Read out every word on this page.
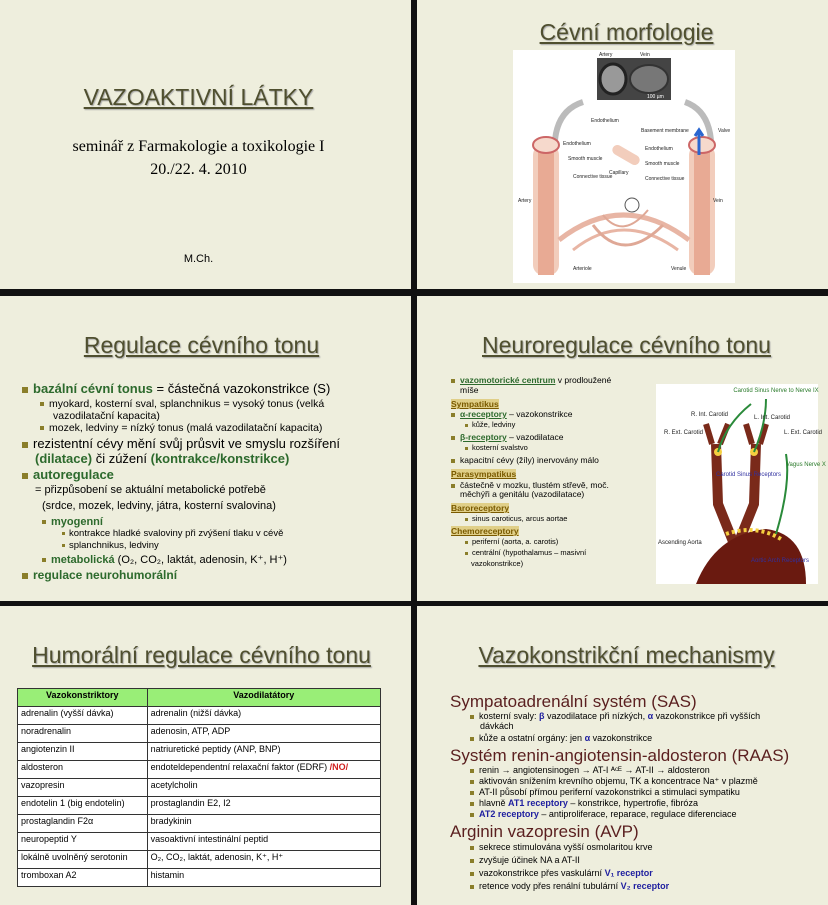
VAZOAKTIVNÍ LÁTKY
seminář z Farmakologie a toxikologie I
20./22. 4. 2010
M.Ch.
Cévní morfologie
Artery	Vein
100 µm
Endothelium
Basement membrane	Valve
Endothelium
Smooth muscle
Connective tissue
Capillary
Endothelium
Smooth muscle
Connective tissue
Artery	Vein
Arteriole	Venule
Regulace cévního tonu
bazální cévní tonus = částečná vazokonstrikce (S)
myokard, kosterní sval, splanchnikus = vysoký tonus (velká
vazodilatační kapacita)
mozek, ledviny = nízký tonus (malá vazodilatační kapacita)
rezistentní cévy mění svůj průsvit ve smyslu rozšíření
(dilatace) či zúžení (kontrakce/konstrikce)
autoregulace
= přizpůsobení se aktuální metabolické potřebě
(srdce, mozek, ledviny, játra, kosterní svalovina)
myogenní
kontrakce hladké svaloviny při zvýšení tlaku v cévě
splanchnikus, ledviny
metabolická (O₂, CO₂, laktát, adenosin, K⁺, H⁺)
regulace neurohumorální
Neuroregulace cévního tonu
vazomotorické centrum v prodloužené
míše
Sympatikus
α-receptory – vazokonstrikce
kůže, ledviny
β-receptory – vazodilatace
kosterní svalstvo
kapacitní cévy (žíly) inervovány málo
Parasympatikus
částečně v mozku, tlustém střevě, moč.
měchýři a genitálu (vazodilatace)
Baroreceptory
sinus caroticus, arcus aortae
Chemoreceptory
periferní (aorta, a. carotis)
centrální (hypothalamus – masivní
vazokonstrikce)
Carotid Sinus Nerve to Nerve IX
R. Int. Carotid	L. Int. Carotid
R. Ext. Carotid	L. Ext. Carotid
Vagus Nerve X
Carotid Sinus Receptors
Ascending Aorta
Aortic Arch Receptors
Humorální regulace cévního tonu
Vazokonstriktory	Vazodilatátory
adrenalin (vyšší dávka)	adrenalin (nižší dávka)
noradrenalin	adenosin, ATP, ADP
angiotenzin II	natriuretické peptidy (ANP, BNP)
aldosteron	endoteldependentní relaxační faktor (EDRF) /NO/
vazopresin	acetylcholin
endotelin 1 (big endotelin)	prostaglandin E2, I2
prostaglandin F2α	bradykinin
neuropeptid Y	vasoaktivní intestinální peptid
lokálně uvolněný serotonin	O₂, CO₂, laktát, adenosin, K⁺, H⁺
tromboxan A2	histamin
Vazokonstrikční mechanismy
Sympatoadrenální systém (SAS)
kosterní svaly: β vazodilatace při nízkých, α vazokonstrikce při vyšších
dávkách
kůže a ostatní orgány: jen α vazokonstrikce
Systém renin-angiotensin-aldosteron (RAAS)
renin → angiotensinogen → AT-I ᴬᶜᴱ → AT-II → aldosteron
aktivován snížením krevního objemu, TK a koncentrace Na⁺ v plazmě
AT-II působí přímou periferní vazokonstrikci a stimulaci sympatiku
hlavně AT1 receptory – konstrikce, hypertrofie, fibróza
AT2 receptory – antiproliferace, reparace, regulace diferenciace
Arginin vazopresin (AVP)
sekrece stimulována vyšší osmolaritou krve
zvyšuje účinek NA a AT-II
vazokonstrikce přes vaskulární V₁ receptor
retence vody přes renální tubulární V₂ receptor
